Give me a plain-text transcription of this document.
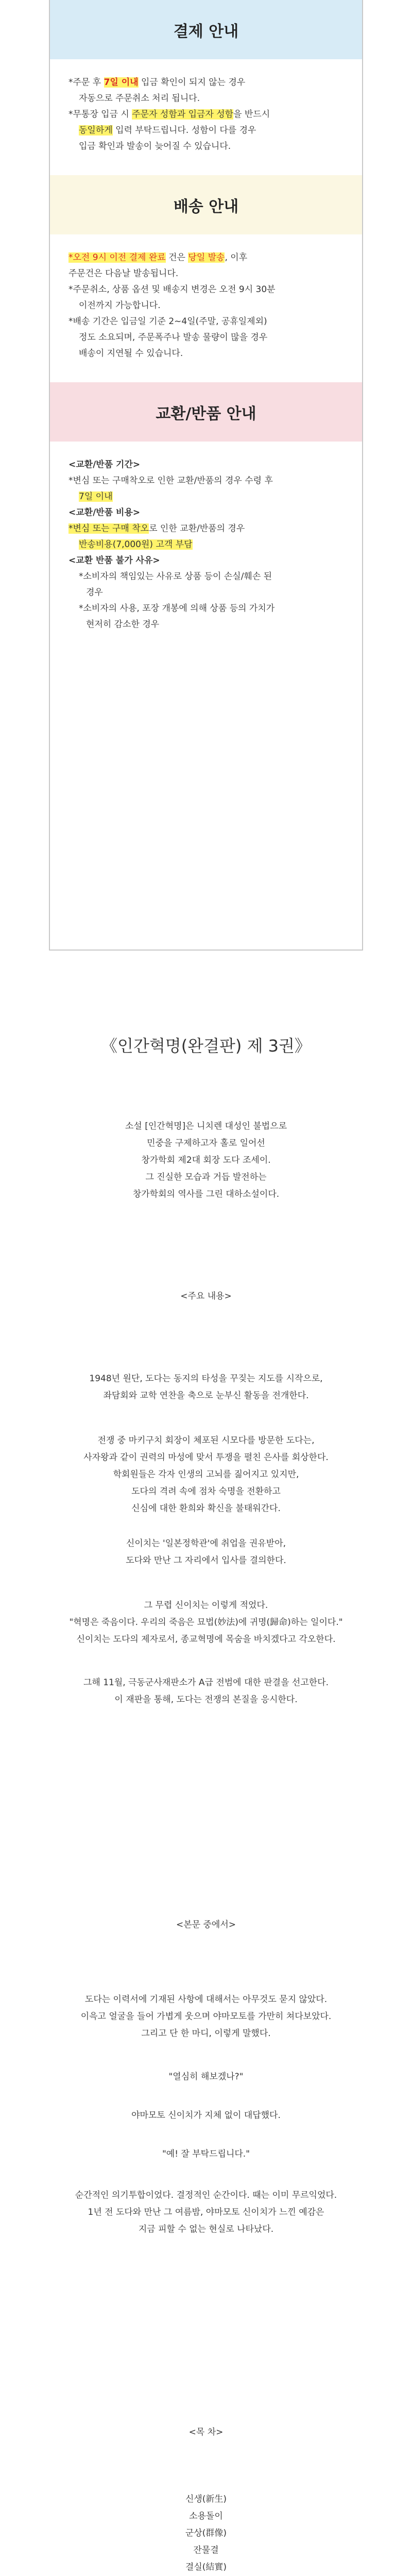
결제 안내

*주문 후 7일 이내 입금 확인이 되지 않는 경우

자동으로 주문취소 처리 됩니다.

*무통장 입금 시 주문자 성함과 입금자 성함을 반드시

동일하게 입력 부탁드립니다. 성함이 다를 경우

입금 확인과 발송이 늦어질 수 있습니다.

배송 안내

*오전 9시 이전 결제 완료 건은 당일 발송, 이후

주문건은 다음날 발송됩니다.

*주문취소, 상품 옵션 및 배송지 변경은 오전 9시 30분

이전까지 가능합니다.

*배송 기간은 입금일 기준 2~4일(주말, 공휴일제외)

정도 소요되며, 주문폭주나 발송 물량이 많을 경우

배송이 지연될 수 있습니다.

교환/반품 안내

<교환/반품 기간>

*변심 또는 구매착오로 인한 교환/반품의 경우 수령 후

7일 이내

<교환/반품 비용>

*변심 또는 구매 착오로 인한 교환/반품의 경우

반송비용(7,000원) 고객 부담

<교환 반품 불가 사유>

*소비자의 책임있는 사유로 상품 등이 손실/훼손 된

경우

*소비자의 사용, 포장 개봉에 의해 상품 등의 가치가

현저히 감소한 경우

《인간혁명(완결판) 제 3권》

소설 [인간혁명]은 니치렌 대성인 불법으로

민중을 구제하고자 홀로 일어선

창가학회 제2대 회장 도다 조세이.

그 진실한 모습과 거듭 발전하는

창가학회의 역사를 그린 대하소설이다.

<주요 내용>

1948년 원단, 도다는 동지의 타성을 꾸짖는 지도를 시작으로,

좌담회와 교학 연찬을 축으로 눈부신 활동을 전개한다.

전쟁 중 마키구치 회장이 체포된 시모다를 방문한 도다는,

사자왕과 같이 권력의 마성에 맞서 투쟁을 펼친 은사를 회상한다.

학회원들은 각자 인생의 고뇌를 짊어지고 있지만,

도다의 격려 속에 점차 숙명을 전환하고

신심에 대한 환희와 확신을 불태워간다.

신이치는 '일본정학관'에 취업을 권유받아,

도다와 만난 그 자리에서 입사를 결의한다.

그 무렵 신이치는 이렇게 적었다.

"혁명은 죽음이다. 우리의 죽음은 묘법(妙法)에 귀명(歸命)하는 일이다."

신이치는 도다의 제자로서, 종교혁명에 목숨을 바치겠다고 각오한다.

그해 11월, 극동군사재판소가 A급 전범에 대한 판결을 선고한다.

이 재판을 통해, 도다는 전쟁의 본질을 응시한다.

<본문 중에서>

도다는 이력서에 기재된 사항에 대해서는 아무것도 묻지 않았다.

이윽고 얼굴을 들어 가볍게 웃으며 야마모토를 가만히 쳐다보았다.

그리고 단 한 마디, 이렇게 말했다.

"열심히 해보겠나?"
야마모토 신이치가 지체 없이 대답했다.
"예! 잘 부탁드립니다."

순간적인 의기투합이었다. 결정적인 순간이다. 때는 이미 무르익었다.

1년 전 도다와 만난 그 여름밤, 야마모토 신이치가 느낀 예감은

지금 피할 수 없는 현실로 나타났다.

<목 차>

신생(新生)

소용돌이

군상(群像)

잔물결

결실(結實)
